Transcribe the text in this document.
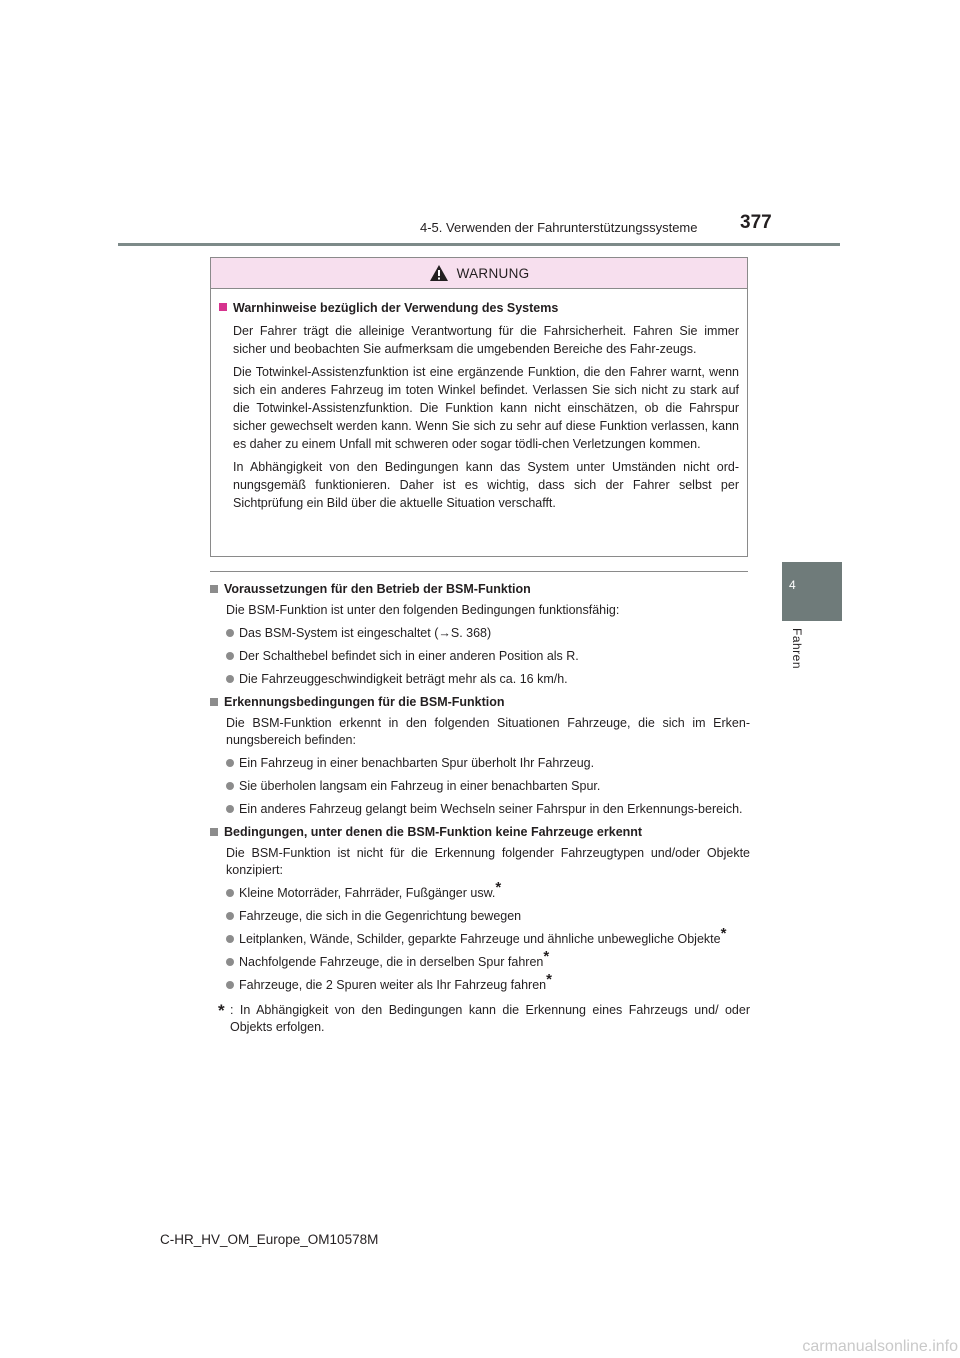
4-5. Verwenden der Fahrunterstützungssysteme 377
4
Fahren
WARNUNG
Warnhinweise bezüglich der Verwendung des Systems
Der Fahrer trägt die alleinige Verantwortung für die Fahrsicherheit. Fahren Sie immer sicher und beobachten Sie aufmerksam die umgebenden Bereiche des Fahr-zeugs.
Die Totwinkel-Assistenzfunktion ist eine ergänzende Funktion, die den Fahrer warnt, wenn sich ein anderes Fahrzeug im toten Winkel befindet. Verlassen Sie sich nicht zu stark auf die Totwinkel-Assistenzfunktion. Die Funktion kann nicht einschätzen, ob die Fahrspur sicher gewechselt werden kann. Wenn Sie sich zu sehr auf diese Funktion verlassen, kann es daher zu einem Unfall mit schweren oder sogar tödli-chen Verletzungen kommen.
In Abhängigkeit von den Bedingungen kann das System unter Umständen nicht ord-nungsgemäß funktionieren. Daher ist es wichtig, dass sich der Fahrer selbst per Sichtprüfung ein Bild über die aktuelle Situation verschafft.
Voraussetzungen für den Betrieb der BSM-Funktion
Die BSM-Funktion ist unter den folgenden Bedingungen funktionsfähig:
Das BSM-System ist eingeschaltet (→S. 368)
Der Schalthebel befindet sich in einer anderen Position als R.
Die Fahrzeuggeschwindigkeit beträgt mehr als ca. 16 km/h.
Erkennungsbedingungen für die BSM-Funktion
Die BSM-Funktion erkennt in den folgenden Situationen Fahrzeuge, die sich im Erken-nungsbereich befinden:
Ein Fahrzeug in einer benachbarten Spur überholt Ihr Fahrzeug.
Sie überholen langsam ein Fahrzeug in einer benachbarten Spur.
Ein anderes Fahrzeug gelangt beim Wechseln seiner Fahrspur in den Erkennungs-bereich.
Bedingungen, unter denen die BSM-Funktion keine Fahrzeuge erkennt
Die BSM-Funktion ist nicht für die Erkennung folgender Fahrzeugtypen und/oder Objekte konzipiert:
Kleine Motorräder, Fahrräder, Fußgänger usw.*
Fahrzeuge, die sich in die Gegenrichtung bewegen
Leitplanken, Wände, Schilder, geparkte Fahrzeuge und ähnliche unbewegliche Objekte*
Nachfolgende Fahrzeuge, die in derselben Spur fahren*
Fahrzeuge, die 2 Spuren weiter als Ihr Fahrzeug fahren*
* : In Abhängigkeit von den Bedingungen kann die Erkennung eines Fahrzeugs und/ oder Objekts erfolgen.
C-HR_HV_OM_Europe_OM10578M
carmanualsonline.info
